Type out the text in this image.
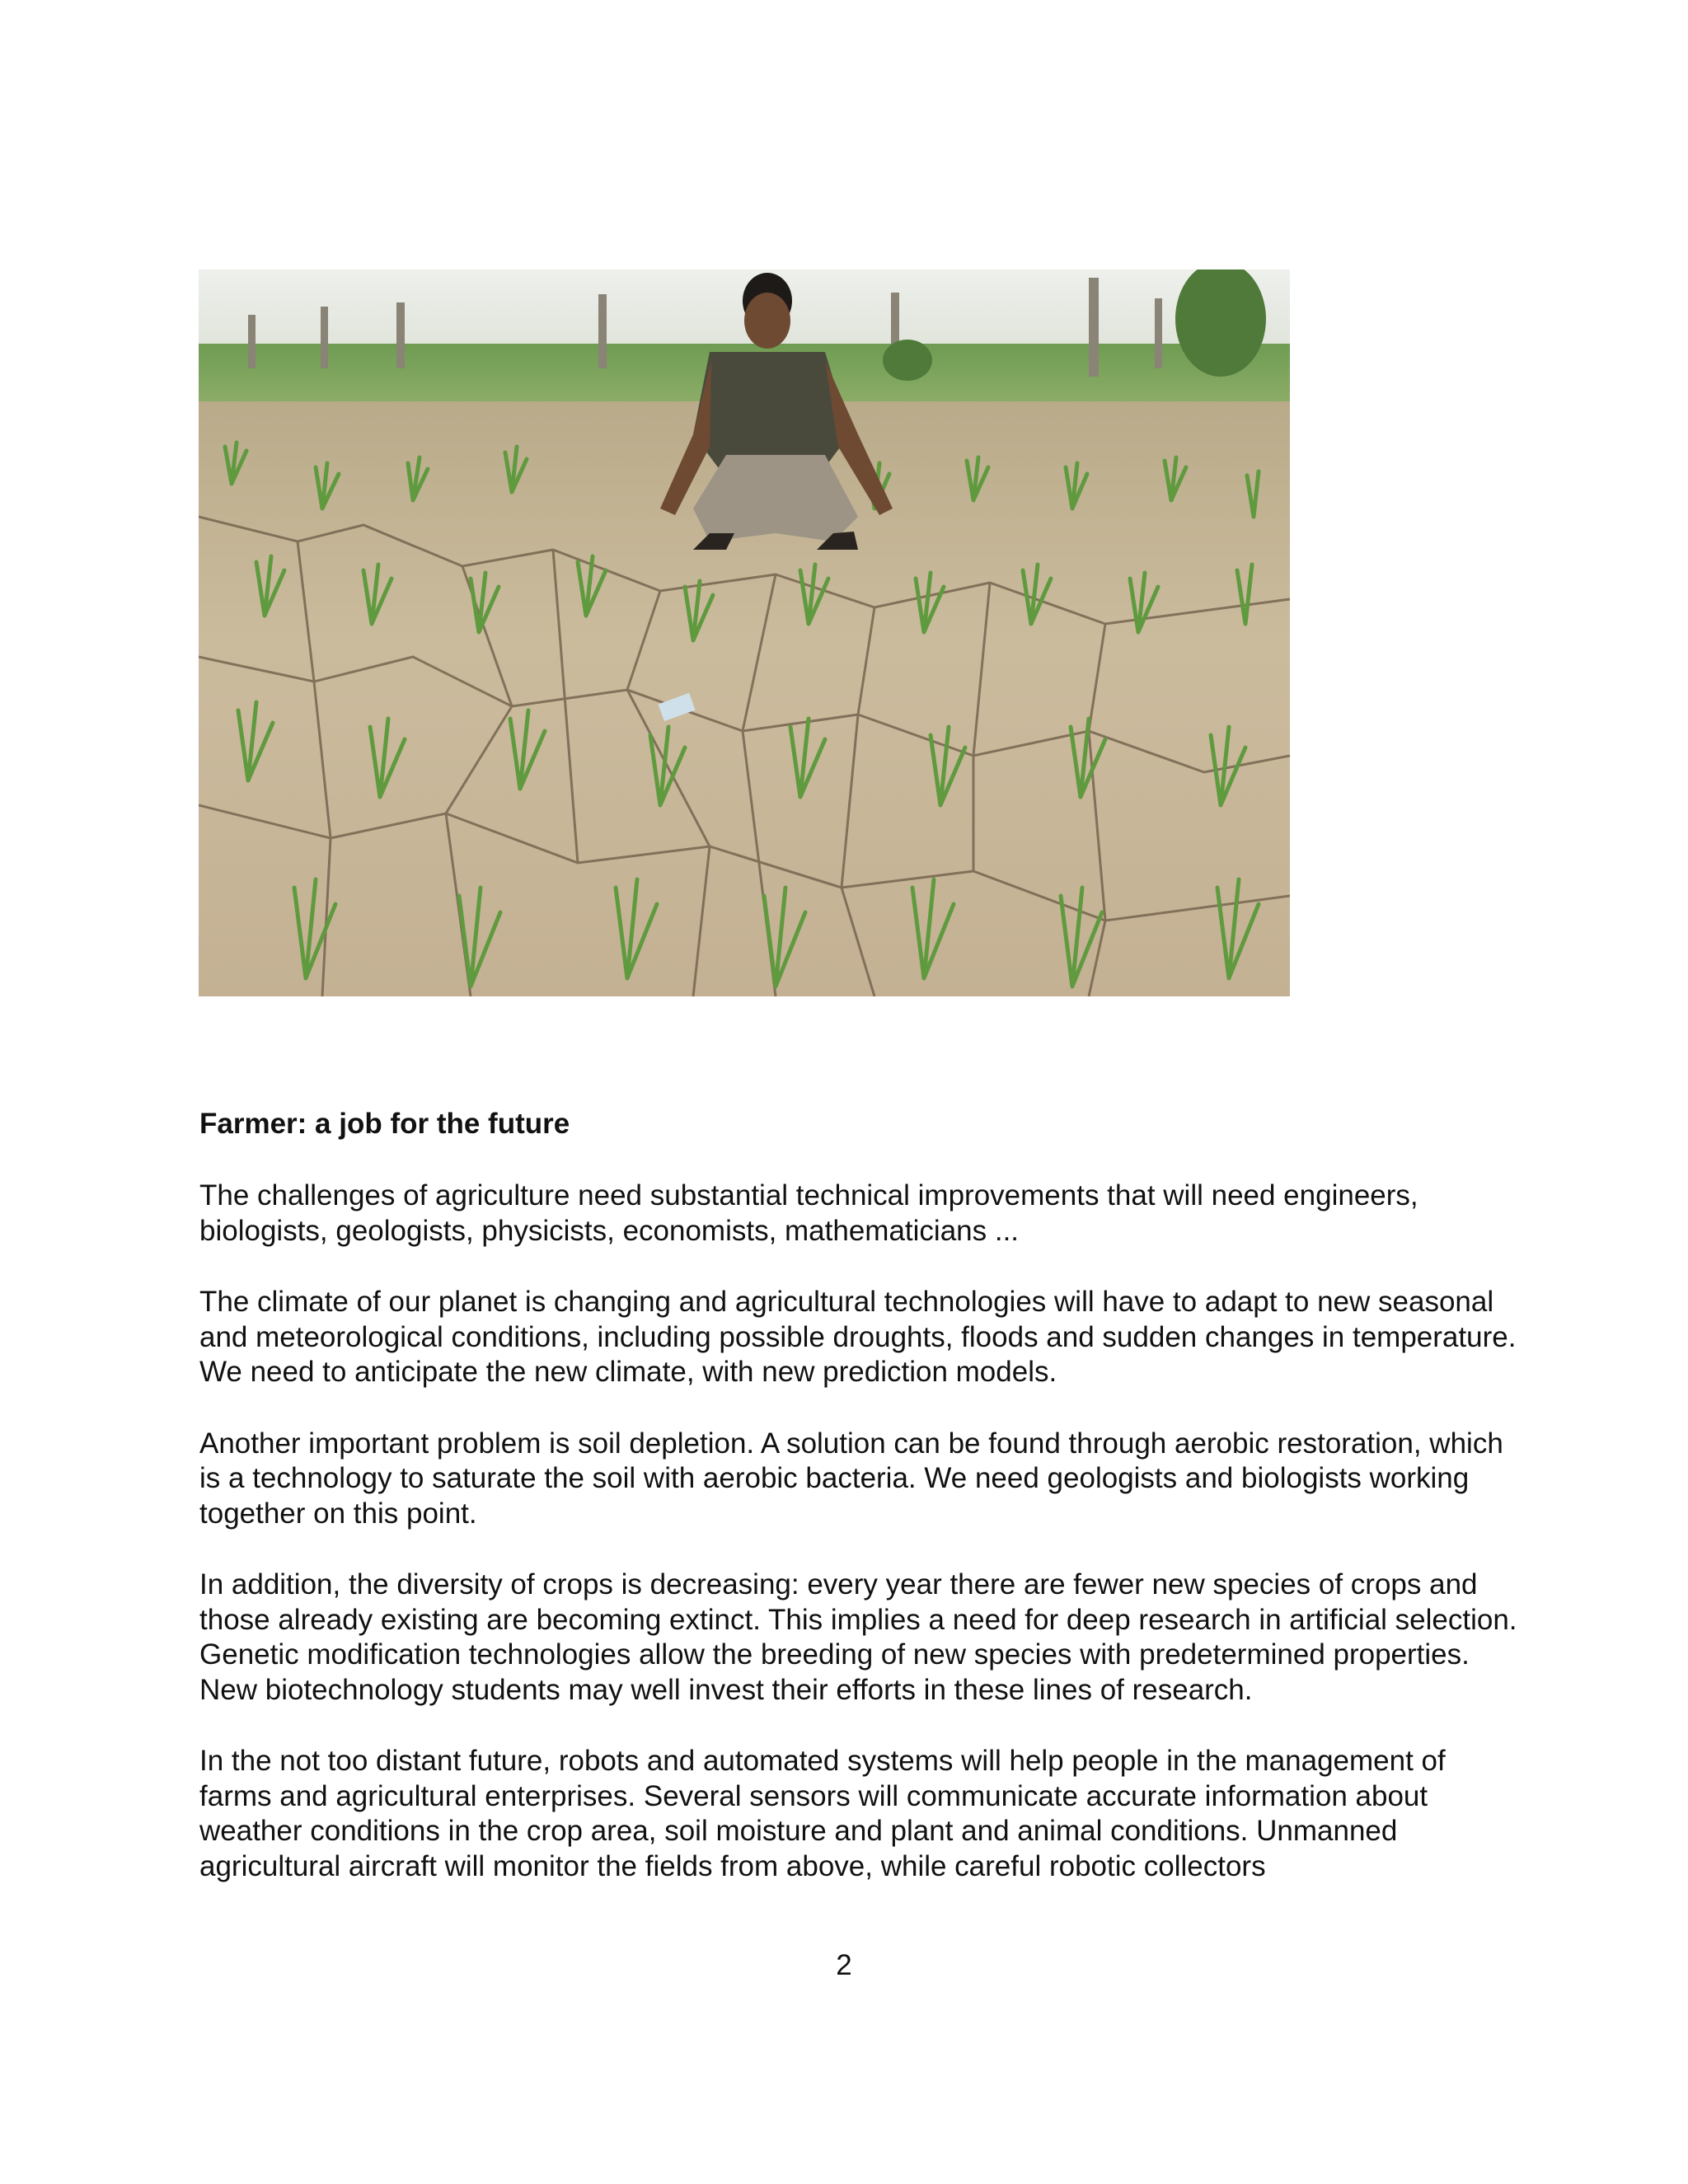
Farmer: a job for the future

The challenges of agriculture need substantial technical improvements that will need engineers, biologists, geologists, physicists, economists, mathematicians ...

The climate of our planet is changing and agricultural technologies will have to adapt to new seasonal and meteorological conditions, including possible droughts, floods and sudden changes in temperature. We need to anticipate the new climate, with new prediction models.

Another important problem is soil depletion. A solution can be found through aerobic restoration, which is a technology to saturate the soil with aerobic bacteria. We need geologists and biologists working together on this point.

In addition, the diversity of crops is decreasing: every year there are fewer new species of crops and those already existing are becoming extinct. This implies a need for deep research in artificial selection. Genetic modification technologies allow the breeding of new species with predetermined properties. New biotechnology students may well invest their efforts in these lines of research.

In the not too distant future, robots and automated systems will help people in the management of farms and agricultural enterprises. Several sensors will communicate accurate information about weather conditions in the crop area, soil moisture and plant and animal conditions. Unmanned agricultural aircraft will monitor the fields from above, while careful robotic collectors

2
